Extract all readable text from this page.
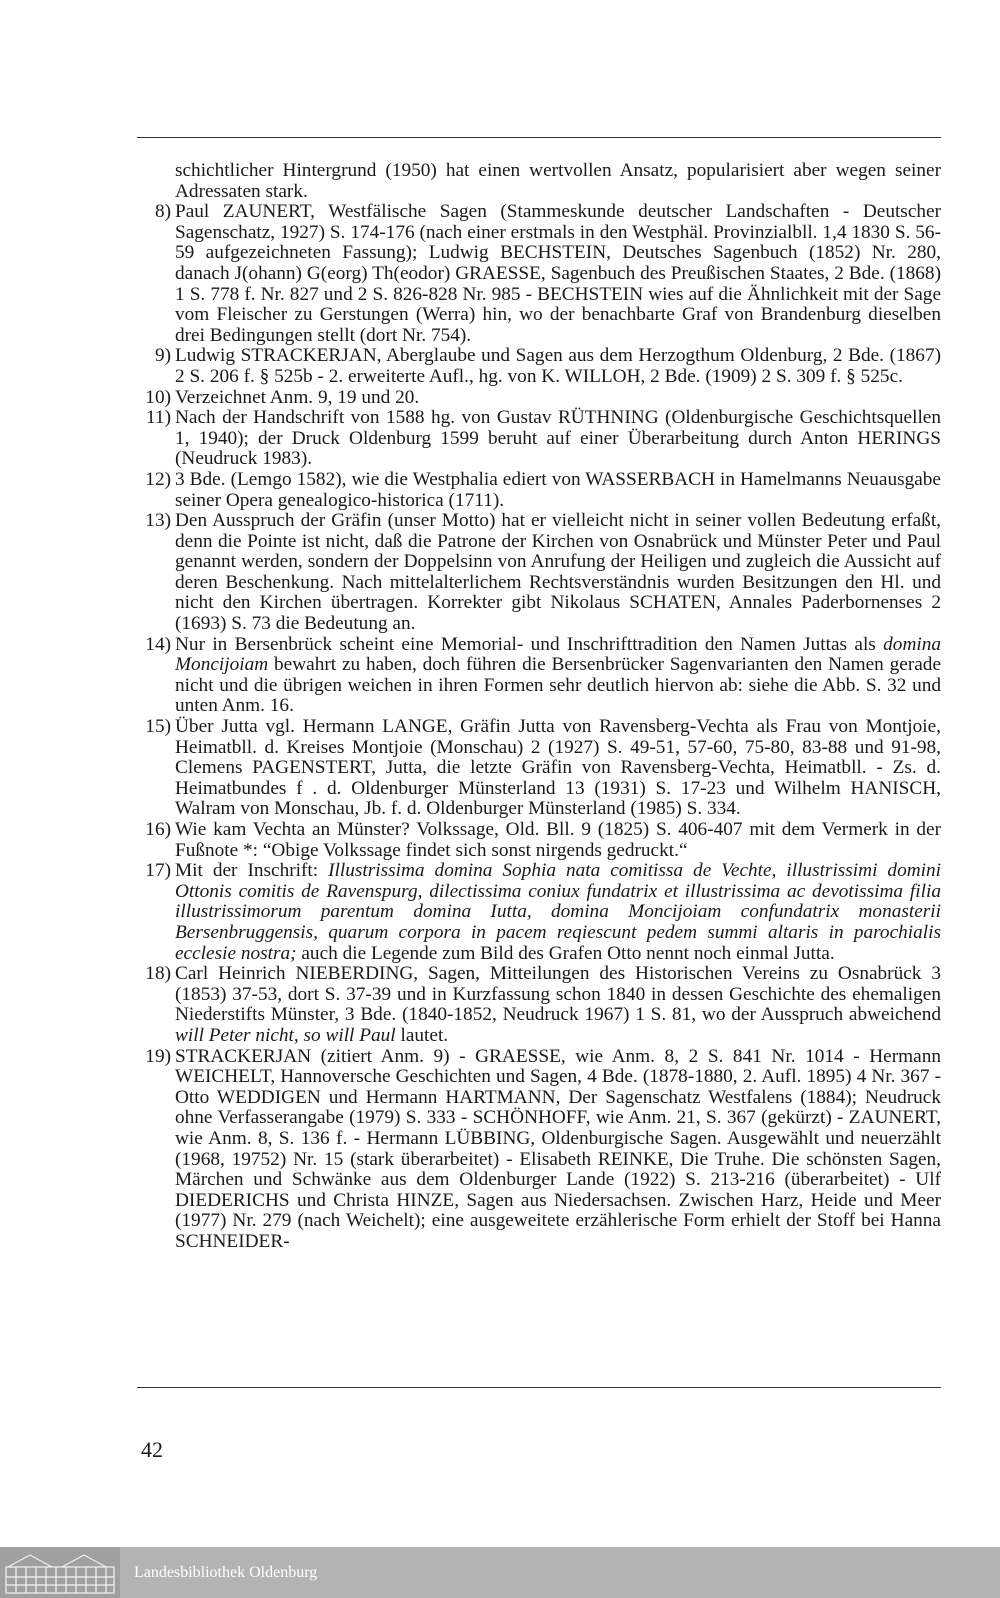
schichtlicher Hintergrund (1950) hat einen wertvollen Ansatz, popularisiert aber wegen seiner Adressaten stark.

8) Paul ZAUNERT, Westfälische Sagen (Stammeskunde deutscher Landschaften - Deutscher Sagenschatz, 1927) S. 174-176 (nach einer erstmals in den Westphäl. Provinzialbll. 1,4 1830 S. 56-59 aufgezeichneten Fassung); Ludwig BECHSTEIN, Deutsches Sagenbuch (1852) Nr. 280, danach J(ohann) G(eorg) Th(eodor) GRAESSE, Sagenbuch des Preußischen Staates, 2 Bde. (1868) 1 S. 778 f. Nr. 827 und 2 S. 826-828 Nr. 985 - BECHSTEIN wies auf die Ähnlichkeit mit der Sage vom Fleischer zu Gerstungen (Werra) hin, wo der benachbarte Graf von Brandenburg dieselben drei Bedingungen stellt (dort Nr. 754).

9) Ludwig STRACKERJAN, Aberglaube und Sagen aus dem Herzogthum Oldenburg, 2 Bde. (1867) 2 S. 206 f. § 525b - 2. erweiterte Aufl., hg. von K. WILLOH, 2 Bde. (1909) 2 S. 309 f. § 525c.

10) Verzeichnet Anm. 9, 19 und 20.

11) Nach der Handschrift von 1588 hg. von Gustav RÜTHNING (Oldenburgische Geschichtsquellen 1, 1940); der Druck Oldenburg 1599 beruht auf einer Überarbeitung durch Anton HERINGS (Neudruck 1983).

12) 3 Bde. (Lemgo 1582), wie die Westphalia ediert von WASSERBACH in Hamelmanns Neuausgabe seiner Opera genealogico-historica (1711).

13) Den Ausspruch der Gräfin (unser Motto) hat er vielleicht nicht in seiner vollen Bedeutung erfaßt, denn die Pointe ist nicht, daß die Patrone der Kirchen von Osnabrück und Münster Peter und Paul genannt werden, sondern der Doppelsinn von Anrufung der Heiligen und zugleich die Aussicht auf deren Beschenkung. Nach mittelalterlichem Rechtsverständnis wurden Besitzungen den Hl. und nicht den Kirchen übertragen. Korrekter gibt Nikolaus SCHATEN, Annales Paderbornenses 2 (1693) S. 73 die Bedeutung an.

14) Nur in Bersenbrück scheint eine Memorial- und Inschrifttradition den Namen Juttas als domina Moncijoiam bewahrt zu haben, doch führen die Bersenbrücker Sagenvarianten den Namen gerade nicht und die übrigen weichen in ihren Formen sehr deutlich hiervon ab: siehe die Abb. S. 32 und unten Anm. 16.

15) Über Jutta vgl. Hermann LANGE, Gräfin Jutta von Ravensberg-Vechta als Frau von Montjoie, Heimatbll. d. Kreises Montjoie (Monschau) 2 (1927) S. 49-51, 57-60, 75-80, 83-88 und 91-98, Clemens PAGENSTERT, Jutta, die letzte Gräfin von Ravensberg-Vechta, Heimatbll. - Zs. d. Heimatbundes f . d. Oldenburger Münsterland 13 (1931) S. 17-23 und Wilhelm HANISCH, Walram von Monschau, Jb. f. d. Oldenburger Münsterland (1985) S. 334.

16) Wie kam Vechta an Münster? Volkssage, Old. Bll. 9 (1825) S. 406-407 mit dem Vermerk in der Fußnote *: “Obige Volkssage findet sich sonst nirgends gedruckt.“

17) Mit der Inschrift: Illustrissima domina Sophia nata comitissa de Vechte, illustrissimi domini Ottonis comitis de Ravenspurg, dilectissima coniux fundatrix et illustrissima ac devotissima filia illustrissimorum parentum domina Iutta, domina Moncijoiam confundatrix monasterii Bersenbruggensis, quarum corpora in pacem reqiescunt pedem summi altaris in parochialis ecclesie nostra; auch die Legende zum Bild des Grafen Otto nennt noch einmal Jutta.

18) Carl Heinrich NIEBERDING, Sagen, Mitteilungen des Historischen Vereins zu Osnabrück 3 (1853) 37-53, dort S. 37-39 und in Kurzfassung schon 1840 in dessen Geschichte des ehemaligen Niederstifts Münster, 3 Bde. (1840-1852, Neudruck 1967) 1 S. 81, wo der Ausspruch abweichend will Peter nicht, so will Paul lautet.

19) STRACKERJAN (zitiert Anm. 9) - GRAESSE, wie Anm. 8, 2 S. 841 Nr. 1014 - Hermann WEICHELT, Hannoversche Geschichten und Sagen, 4 Bde. (1878-1880, 2. Aufl. 1895) 4 Nr. 367 - Otto WEDDIGEN und Hermann HARTMANN, Der Sagenschatz Westfalens (1884); Neudruck ohne Verfasserangabe (1979) S. 333 - SCHÖNHOFF, wie Anm. 21, S. 367 (gekürzt) - ZAUNERT, wie Anm. 8, S. 136 f. - Hermann LÜBBING, Oldenburgische Sagen. Ausgewählt und neuerzählt (1968, 19752) Nr. 15 (stark überarbeitet) - Elisabeth REINKE, Die Truhe. Die schönsten Sagen, Märchen und Schwänke aus dem Oldenburger Lande (1922) S. 213-216 (überarbeitet) - Ulf DIEDERICHS und Christa HINZE, Sagen aus Niedersachsen. Zwischen Harz, Heide und Meer (1977) Nr. 279 (nach Weichelt); eine ausgeweitete erzählerische Form erhielt der Stoff bei Hanna SCHNEIDER-

42
Landesbibliothek Oldenburg
